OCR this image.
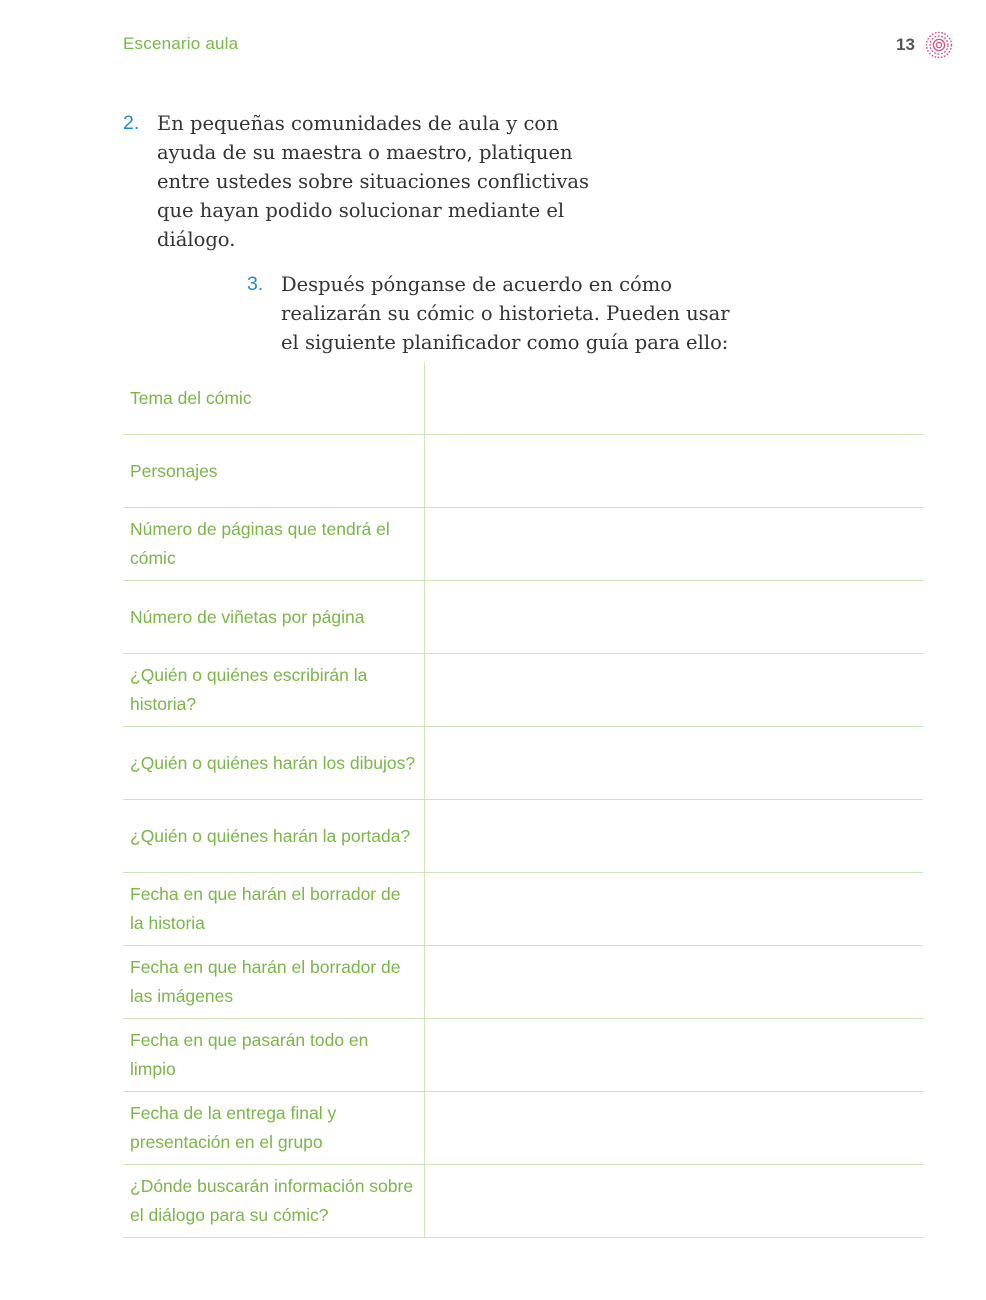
Escenario aula	13
2. En pequeñas comunidades de aula y con
ayuda de su maestra o maestro, platiquen
entre ustedes sobre situaciones conflictivas
que hayan podido solucionar mediante el
diálogo.
3. Después pónganse de acuerdo en cómo
realizarán su cómic o historieta. Pueden usar
el siguiente planificador como guía para ello:
Tema del cómic
Personajes
Número de páginas que tendrá el cómic
Número de viñetas por página
¿Quién o quiénes escribirán la historia?
¿Quién o quiénes harán los dibujos?
¿Quién o quiénes harán la portada?
Fecha en que harán el borrador de la historia
Fecha en que harán el borrador de las imágenes
Fecha en que pasarán todo en limpio
Fecha de la entrega final y presentación en el grupo
¿Dónde buscarán información sobre el diálogo para su cómic?
